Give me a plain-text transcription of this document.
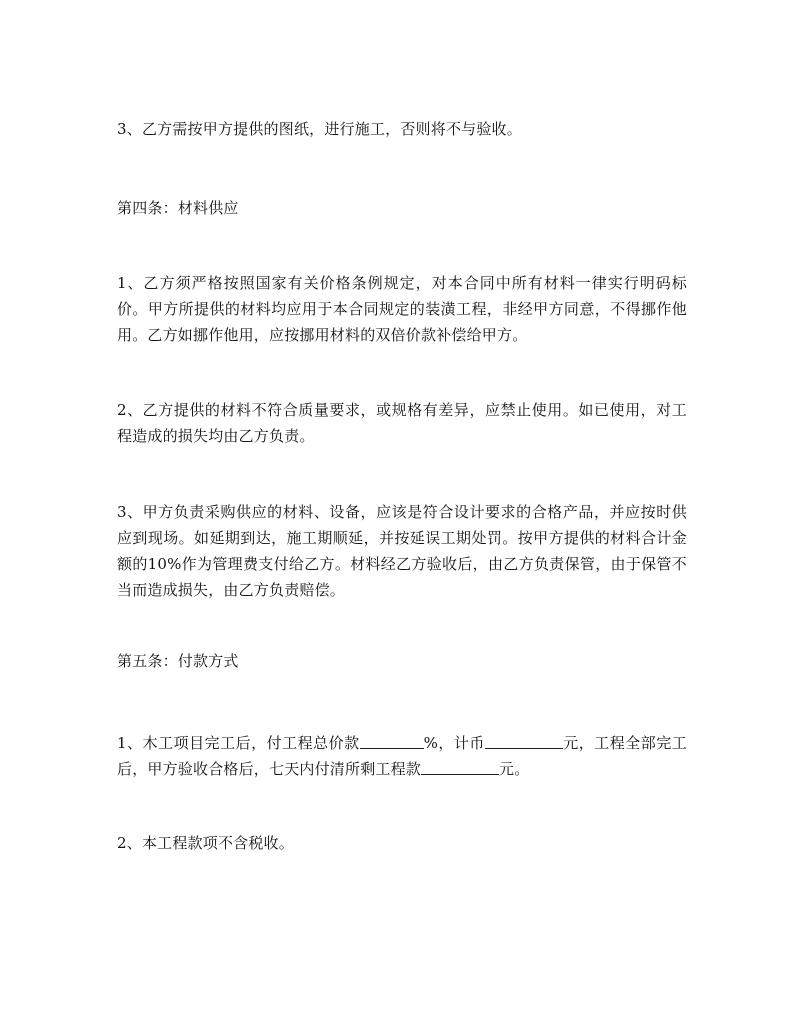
3、乙方需按甲方提供的图纸，进行施工，否则将不与验收。

第四条：材料供应

1、乙方须严格按照国家有关价格条例规定，对本合同中所有材料一律实行明码标价。甲方所提供的材料均应用于本合同规定的装潢工程，非经甲方同意，不得挪作他用。乙方如挪作他用，应按挪用材料的双倍价款补偿给甲方。

2、乙方提供的材料不符合质量要求，或规格有差异，应禁止使用。如已使用，对工程造成的损失均由乙方负责。

3、甲方负责采购供应的材料、设备，应该是符合设计要求的合格产品，并应按时供应到现场。如延期到达，施工期顺延，并按延误工期处罚。按甲方提供的材料合计金额的10%作为管理费支付给乙方。材料经乙方验收后，由乙方负责保管，由于保管不当而造成损失，由乙方负责赔偿。

第五条：付款方式

1、木工项目完工后，付工程总价款	%，计币	元，工程全部完工后，甲方验收合格后，七天内付清所剩工程款	元。

2、本工程款项不含税收。
